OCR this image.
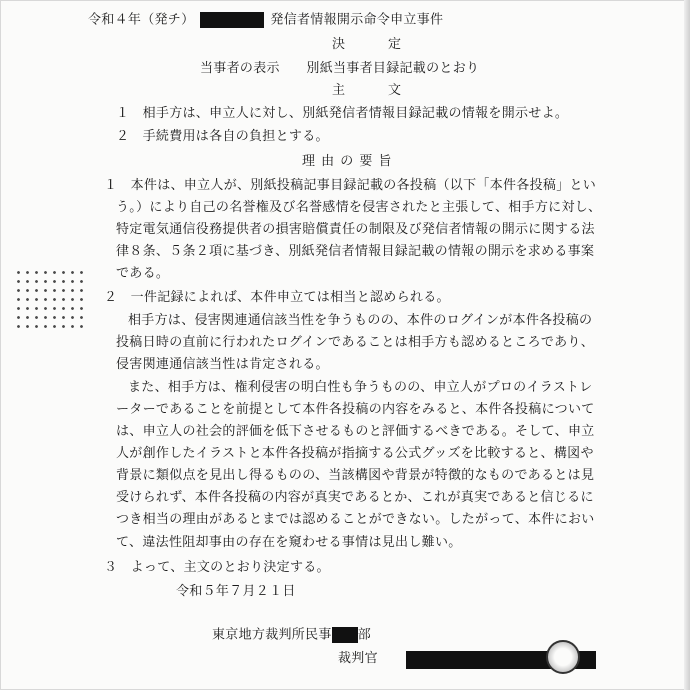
令和４年（発チ）	発信者情報開示命令申立事件
決　　　定
当事者の表示　　別紙当事者目録記載のとおり
主　　　文
１　相手方は、申立人に対し、別紙発信者情報目録記載の情報を開示せよ。
２　手続費用は各自の負担とする。
理 由 の 要 旨
１　本件は、申立人が、別紙投稿記事目録記載の各投稿（以下「本件各投稿」とい
う。）により自己の名誉権及び名誉感情を侵害されたと主張して、相手方に対し、
特定電気通信役務提供者の損害賠償責任の制限及び発信者情報の開示に関する法
律８条、５条２項に基づき、別紙発信者情報目録記載の情報の開示を求める事案
である。
２　一件記録によれば、本件申立ては相当と認められる。
相手方は、侵害関連通信該当性を争うものの、本件のログインが本件各投稿の
投稿日時の直前に行われたログインであることは相手方も認めるところであり、
侵害関連通信該当性は肯定される。
また、相手方は、権利侵害の明白性も争うものの、申立人がプロのイラストレ
ーターであることを前提として本件各投稿の内容をみると、本件各投稿について
は、申立人の社会的評価を低下させるものと評価するべきである。そして、申立
人が創作したイラストと本件各投稿が指摘する公式グッズを比較すると、構図や
背景に類似点を見出し得るものの、当該構図や背景が特徴的なものであるとは見
受けられず、本件各投稿の内容が真実であるとか、これが真実であると信じるに
つき相当の理由があるとまでは認めることができない。したがって、本件におい
て、違法性阻却事由の存在を窺わせる事情は見出し難い。
３　よって、主文のとおり決定する。
令和５年７月２１日
東京地方裁判所民事 部
裁判官
